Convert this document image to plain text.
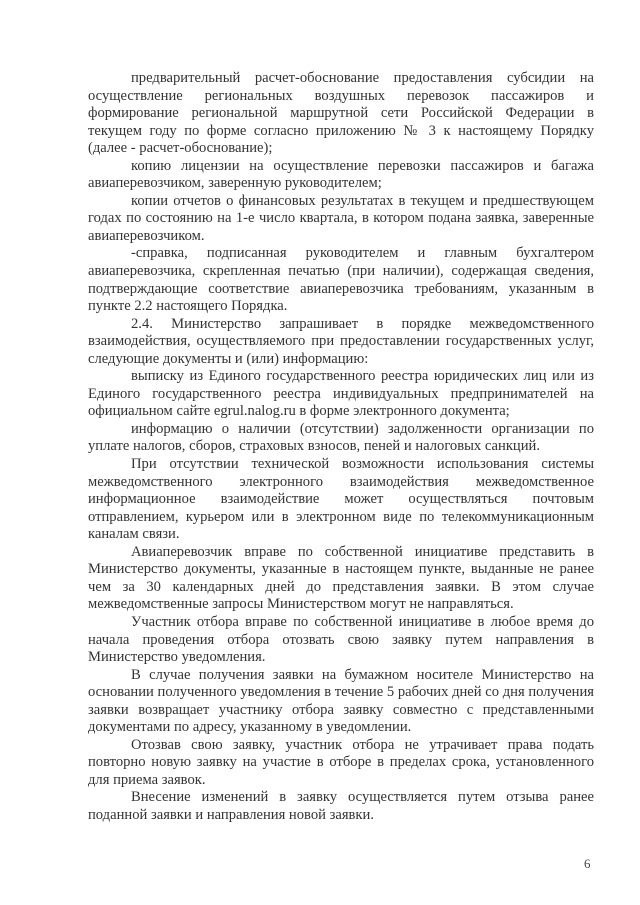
предварительный расчет-обоснование предоставления субсидии на осуществление региональных воздушных перевозок пассажиров и формирование региональной маршрутной сети Российской Федерации в текущем году по форме согласно приложению № 3 к настоящему Порядку (далее - расчет-обоснование);

копию лицензии на осуществление перевозки пассажиров и багажа авиаперевозчиком, заверенную руководителем;

копии отчетов о финансовых результатах в текущем и предшествующем годах по состоянию на 1-е число квартала, в котором подана заявка, заверенные авиаперевозчиком.

-справка, подписанная руководителем и главным бухгалтером авиаперевозчика, скрепленная печатью (при наличии), содержащая сведения, подтверждающие соответствие авиаперевозчика требованиям, указанным в пункте 2.2 настоящего Порядка.

2.4. Министерство запрашивает в порядке межведомственного взаимодействия, осуществляемого при предоставлении государственных услуг, следующие документы и (или) информацию:

выписку из Единого государственного реестра юридических лиц или из Единого государственного реестра индивидуальных предпринимателей на официальном сайте egrul.nalog.ru в форме электронного документа;

информацию о наличии (отсутствии) задолженности организации по уплате налогов, сборов, страховых взносов, пеней и налоговых санкций.

При отсутствии технической возможности использования системы межведомственного электронного взаимодействия межведомственное информационное взаимодействие может осуществляться почтовым отправлением, курьером или в электронном виде по телекоммуникационным каналам связи.

Авиаперевозчик вправе по собственной инициативе представить в Министерство документы, указанные в настоящем пункте, выданные не ранее чем за 30 календарных дней до представления заявки. В этом случае межведомственные запросы Министерством могут не направляться.

Участник отбора вправе по собственной инициативе в любое время до начала проведения отбора отозвать свою заявку путем направления в Министерство уведомления.

В случае получения заявки на бумажном носителе Министерство на основании полученного уведомления в течение 5 рабочих дней со дня получения заявки возвращает участнику отбора заявку совместно с представленными документами по адресу, указанному в уведомлении.

Отозвав свою заявку, участник отбора не утрачивает права подать повторно новую заявку на участие в отборе в пределах срока, установленного для приема заявок.

Внесение изменений в заявку осуществляется путем отзыва ранее поданной заявки и направления новой заявки.

6
